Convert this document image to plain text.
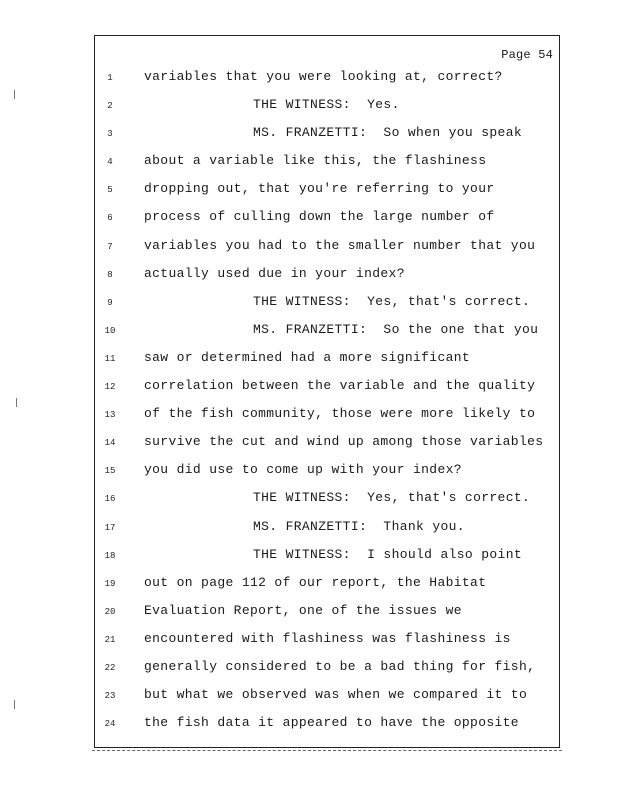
Page 54
1	variables that you were looking at, correct?
2	THE WITNESS:  Yes.
3	MS. FRANZETTI:  So when you speak
4	about a variable like this, the flashiness
5	dropping out, that you're referring to your
6	process of culling down the large number of
7	variables you had to the smaller number that you
8	actually used due in your index?
9	THE WITNESS:  Yes, that's correct.
10	MS. FRANZETTI:  So the one that you
11	saw or determined had a more significant
12	correlation between the variable and the quality
13	of the fish community, those were more likely to
14	survive the cut and wind up among those variables
15	you did use to come up with your index?
16	THE WITNESS:  Yes, that's correct.
17	MS. FRANZETTI:  Thank you.
18	THE WITNESS:  I should also point
19	out on page 112 of our report, the Habitat
20	Evaluation Report, one of the issues we
21	encountered with flashiness was flashiness is
22	generally considered to be a bad thing for fish,
23	but what we observed was when we compared it to
24	the fish data it appeared to have the opposite
